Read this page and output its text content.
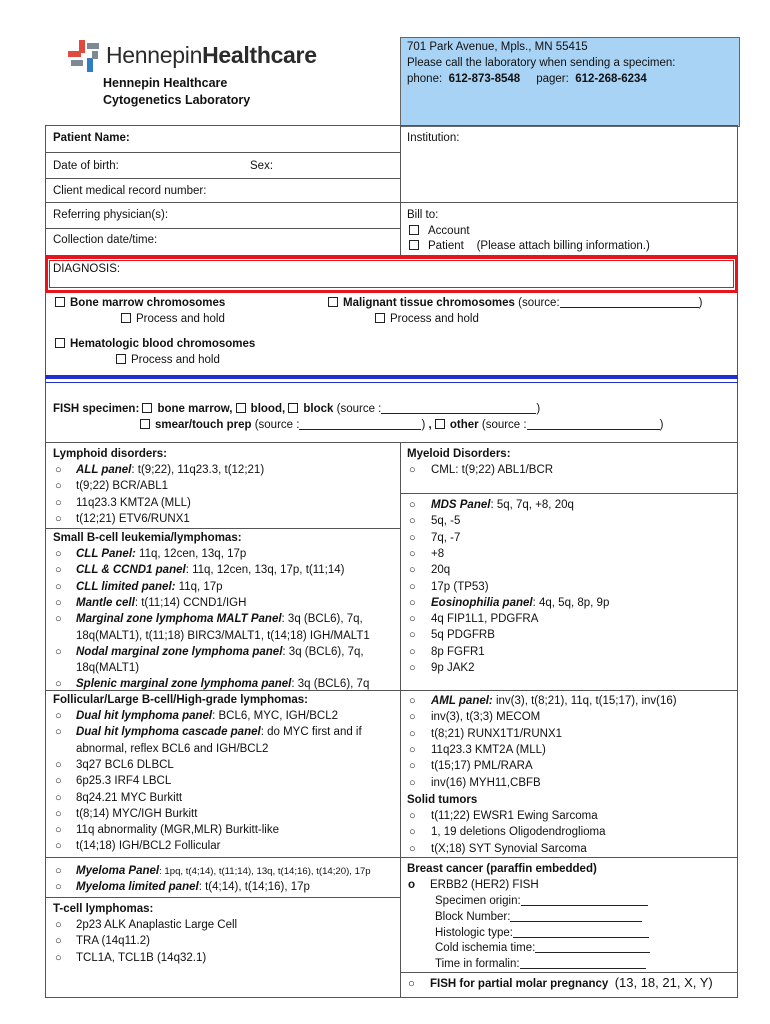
HennepinHealthcare
Hennepin Healthcare
Cytogenetics Laboratory
701 Park Avenue, Mpls., MN 55415
Please call the laboratory when sending a specimen:
phone: 612-873-8548 pager: 612-268-6234
Patient Name:	Institution:
Date of birth:	Sex:
Client medical record number:
Referring physician(s):
Collection date/time:
Bill to:
Account
Patient (Please attach billing information.)
DIAGNOSIS:
Bone marrow chromosomes
Process and hold
Malignant tissue chromosomes (source:	)
Process and hold
Hematologic blood chromosomes
Process and hold
FISH specimen: bone marrow, blood, block (source :	)
smear/touch prep (source :	) , other (source :	)
Lymphoid disorders:
○ ALL panel: t(9;22), 11q23.3, t(12;21)
○ t(9;22) BCR/ABL1
○ 11q23.3 KMT2A (MLL)
○ t(12;21) ETV6/RUNX1
Small B-cell leukemia/lymphomas:
○ CLL Panel: 11q, 12cen, 13q, 17p
○ CLL & CCND1 panel: 11q, 12cen, 13q, 17p, t(11;14)
○ CLL limited panel: 11q, 17p
○ Mantle cell: t(11;14) CCND1/IGH
○ Marginal zone lymphoma MALT Panel: 3q (BCL6), 7q,
18q(MALT1), t(11;18) BIRC3/MALT1, t(14;18) IGH/MALT1
○ Nodal marginal zone lymphoma panel: 3q (BCL6), 7q,
18q(MALT1)
○ Splenic marginal zone lymphoma panel: 3q (BCL6), 7q
Follicular/Large B-cell/High-grade lymphomas:
○ Dual hit lymphoma panel: BCL6, MYC, IGH/BCL2
○ Dual hit lymphoma cascade panel: do MYC first and if
abnormal, reflex BCL6 and IGH/BCL2
○ 3q27 BCL6 DLBCL
○ 6p25.3 IRF4 LBCL
○ 8q24.21 MYC Burkitt
○ t(8;14) MYC/IGH Burkitt
○ 11q abnormality (MGR,MLR) Burkitt-like
○ t(14;18) IGH/BCL2 Follicular
○ Myeloma Panel: 1pq, t(4;14), t(11;14), 13q, t(14;16), t(14;20), 17p
○ Myeloma limited panel: t(4;14), t(14;16), 17p
T-cell lymphomas:
○ 2p23 ALK Anaplastic Large Cell
○ TRA (14q11.2)
○ TCL1A, TCL1B (14q32.1)
Myeloid Disorders:
○ CML: t(9;22) ABL1/BCR
○ MDS Panel: 5q, 7q, +8, 20q
○ 5q, -5
○ 7q, -7
○ +8
○ 20q
○ 17p (TP53)
○ Eosinophilia panel: 4q, 5q, 8p, 9p
○ 4q FIP1L1, PDGFRA
○ 5q PDGFRB
○ 8p FGFR1
○ 9p JAK2
○ AML panel: inv(3), t(8;21), 11q, t(15;17), inv(16)
○ inv(3), t(3;3) MECOM
○ t(8;21) RUNX1T1/RUNX1
○ 11q23.3 KMT2A (MLL)
○ t(15;17) PML/RARA
○ inv(16) MYH11,CBFB
Solid tumors
○ t(11;22) EWSR1 Ewing Sarcoma
○ 1, 19 deletions Oligodendroglioma
○ t(X;18) SYT Synovial Sarcoma
Breast cancer (paraffin embedded)
o ERBB2 (HER2) FISH
Specimen origin:
Block Number:
Histologic type:
Cold ischemia time:
Time in formalin:
○ FISH for partial molar pregnancy (13, 18, 21, X, Y)
